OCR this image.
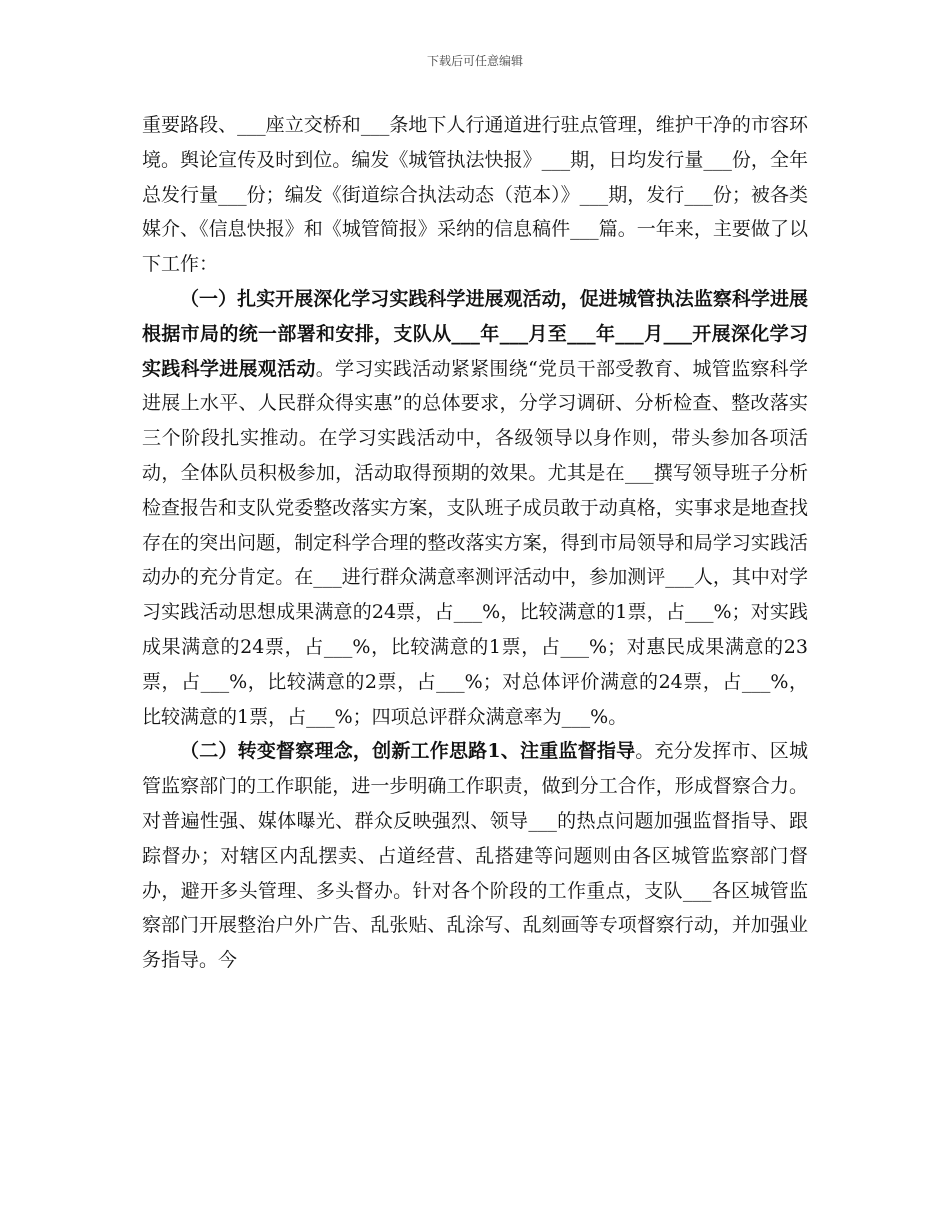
下载后可任意编辑

重要路段、___座立交桥和___条地下人行通道进行驻点管理，维护干净的市容环境。舆论宣传及时到位。编发《城管执法快报》___期，日均发行量___份，全年总发行量___份；编发《街道综合执法动态（范本）》___期，发行___份；被各类媒介、《信息快报》和《城管简报》采纳的信息稿件___篇。一年来，主要做了以下工作：

（一）扎实开展深化学习实践科学进展观活动，促进城管执法监察科学进展根据市局的统一部署和安排，支队从___年___月至___年___月___开展深化学习实践科学进展观活动。学习实践活动紧紧围绕“党员干部受教育、城管监察科学进展上水平、人民群众得实惠”的总体要求，分学习调研、分析检查、整改落实三个阶段扎实推动。在学习实践活动中，各级领导以身作则，带头参加各项活动，全体队员积极参加，活动取得预期的效果。尤其是在___撰写领导班子分析检查报告和支队党委整改落实方案，支队班子成员敢于动真格，实事求是地查找存在的突出问题，制定科学合理的整改落实方案，得到市局领导和局学习实践活动办的充分肯定。在___进行群众满意率测评活动中，参加测评___人，其中对学习实践活动思想成果满意的24票，占___%，比较满意的1票，占___%；对实践成果满意的24票，占___%，比较满意的1票，占___%；对惠民成果满意的23票，占___%，比较满意的2票，占___%；对总体评价满意的24票，占___%，比较满意的1票，占___%；四项总评群众满意率为___%。

（二）转变督察理念，创新工作思路1、注重监督指导。充分发挥市、区城管监察部门的工作职能，进一步明确工作职责，做到分工合作，形成督察合力。对普遍性强、媒体曝光、群众反映强烈、领导___的热点问题加强监督指导、跟踪督办；对辖区内乱摆卖、占道经营、乱搭建等问题则由各区城管监察部门督办，避开多头管理、多头督办。针对各个阶段的工作重点，支队___各区城管监察部门开展整治户外广告、乱张贴、乱涂写、乱刻画等专项督察行动，并加强业务指导。今
